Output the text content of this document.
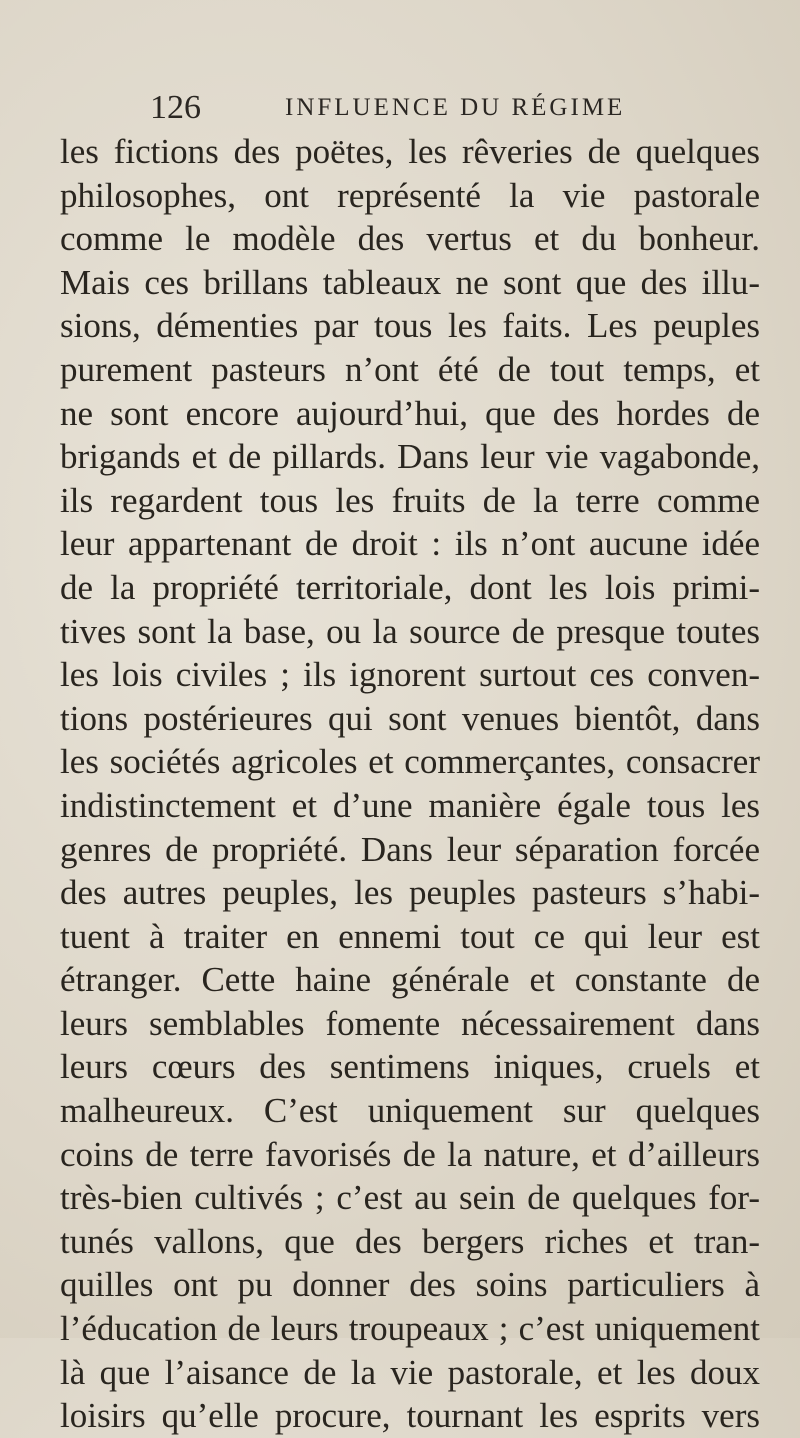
126	INFLUENCE DU RÉGIME
les fictions des poëtes, les rêveries de quelques
philosophes, ont représenté la vie pastorale
comme le modèle des vertus et du bonheur.
Mais ces brillans tableaux ne sont que des illu-
sions, démenties par tous les faits. Les peuples
purement pasteurs n’ont été de tout temps, et
ne sont encore aujourd’hui, que des hordes de
brigands et de pillards. Dans leur vie vagabonde,
ils regardent tous les fruits de la terre comme
leur appartenant de droit : ils n’ont aucune idée
de la propriété territoriale, dont les lois primi-
tives sont la base, ou la source de presque toutes
les lois civiles ; ils ignorent surtout ces conven-
tions postérieures qui sont venues bientôt, dans
les sociétés agricoles et commerçantes, consacrer
indistinctement et d’une manière égale tous les
genres de propriété. Dans leur séparation forcée
des autres peuples, les peuples pasteurs s’habi-
tuent à traiter en ennemi tout ce qui leur est
étranger. Cette haine générale et constante de
leurs semblables fomente nécessairement dans
leurs cœurs des sentimens iniques, cruels et
malheureux. C’est uniquement sur quelques
coins de terre favorisés de la nature, et d’ailleurs
très-bien cultivés ; c’est au sein de quelques for-
tunés vallons, que des bergers riches et tran-
quilles ont pu donner des soins particuliers à
l’éducation de leurs troupeaux ; c’est uniquement
là que l’aisance de la vie pastorale, et les doux
loisirs qu’elle procure, tournant les esprits vers
